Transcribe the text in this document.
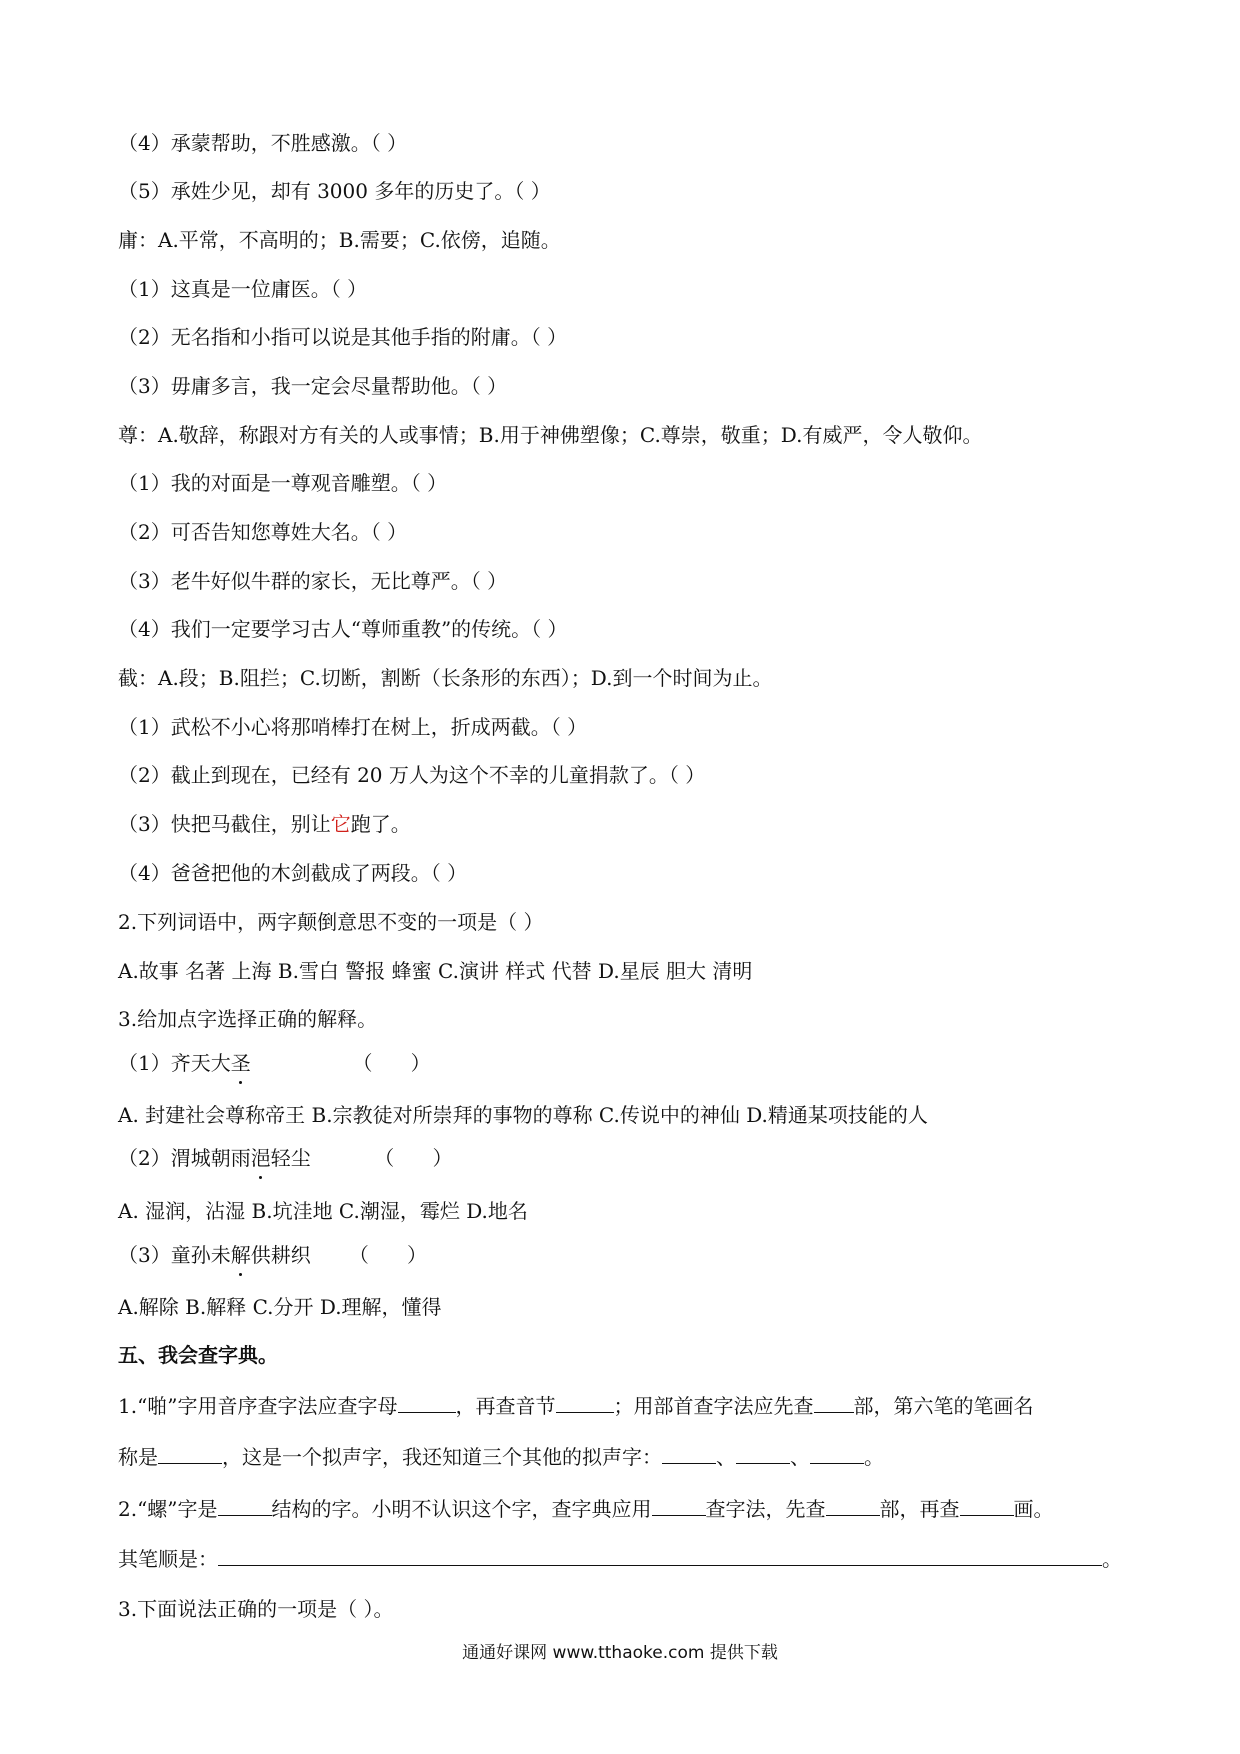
（4）承蒙帮助，不胜感激。（ ）
（5）承姓少见，却有 3000 多年的历史了。（ ）
庸：A.平常，不高明的；B.需要；C.依傍，追随。
（1）这真是一位庸医。（ ）
（2）无名指和小指可以说是其他手指的附庸。（ ）
（3）毋庸多言，我一定会尽量帮助他。（ ）
尊：A.敬辞，称跟对方有关的人或事情；B.用于神佛塑像；C.尊崇，敬重；D.有威严，令人敬仰。
（1）我的对面是一尊观音雕塑。（ ）
（2）可否告知您尊姓大名。（ ）
（3）老牛好似牛群的家长，无比尊严。（ ）
（4）我们一定要学习古人“尊师重教”的传统。（ ）
截：A.段；B.阻拦；C.切断，割断（长条形的东西）；D.到一个时间为止。
（1）武松不小心将那哨棒打在树上，折成两截。（ ）
（2）截止到现在，已经有 20 万人为这个不幸的儿童捐款了。（ ）
（3）快把马截住，别让它跑了。
（4）爸爸把他的木剑截成了两段。（ ）
2.下列词语中，两字颠倒意思不变的一项是（ ）
A.故事 名著 上海 B.雪白 警报 蜂蜜 C.演讲 样式 代替 D.星辰 胆大 清明
3.给加点字选择正确的解释。
（1）齐天大圣                （      ）
A. 封建社会尊称帝王 B.宗教徒对所崇拜的事物的尊称 C.传说中的神仙 D.精通某项技能的人
（2）渭城朝雨浥轻尘          （      ）
A. 湿润，沾湿 B.坑洼地 C.潮湿，霉烂 D.地名
（3）童孙未解供耕织      （      ）
A.解除 B.解释 C.分开 D.理解，懂得
五、我会查字典。
1.“啪”字用音序查字法应查字母	，再查音节	；用部首查字法应先查 部，第六笔的笔画名
称是	，这是一个拟声字，我还知道三个其他的拟声字：	、	、	。
2.“螺”字是	结构的字。小明不认识这个字，查字典应用	查字法，先查	部，再查	画。
其笔顺是：	。
3.下面说法正确的一项是（ ）。
通通好课网 www.tthaoke.com 提供下载
